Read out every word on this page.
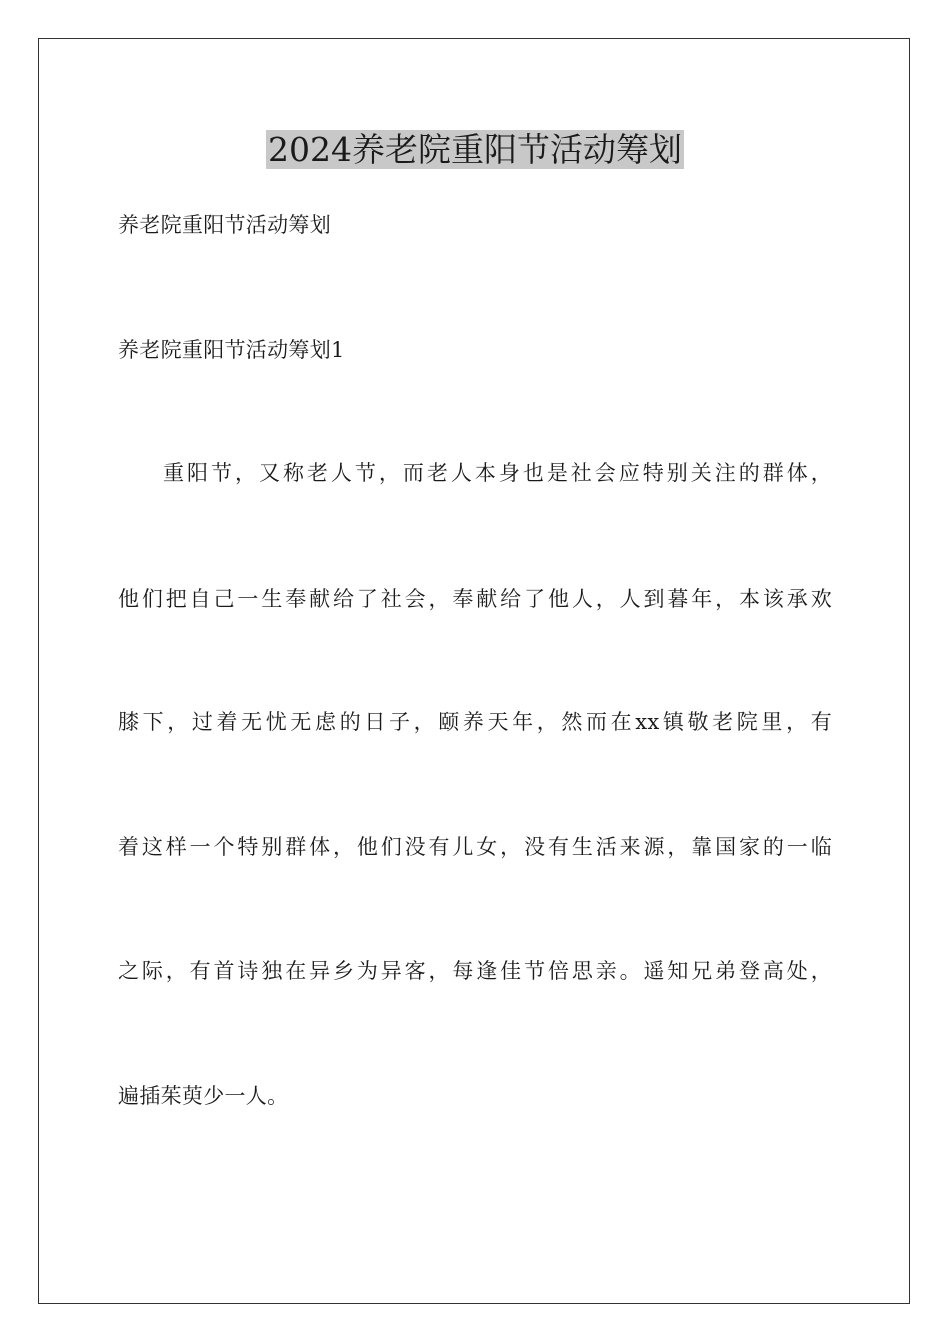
2024养老院重阳节活动筹划

养老院重阳节活动筹划

养老院重阳节活动筹划1

重阳节，又称老人节，而老人本身也是社会应特别关注的群体，

他们把自己一生奉献给了社会，奉献给了他人，人到暮年，本该承欢

膝下，过着无忧无虑的日子，颐养天年，然而在xx镇敬老院里，有

着这样一个特别群体，他们没有儿女，没有生活来源，靠国家的一临

之际，有首诗独在异乡为异客，每逢佳节倍思亲。遥知兄弟登高处，

遍插茱萸少一人。
